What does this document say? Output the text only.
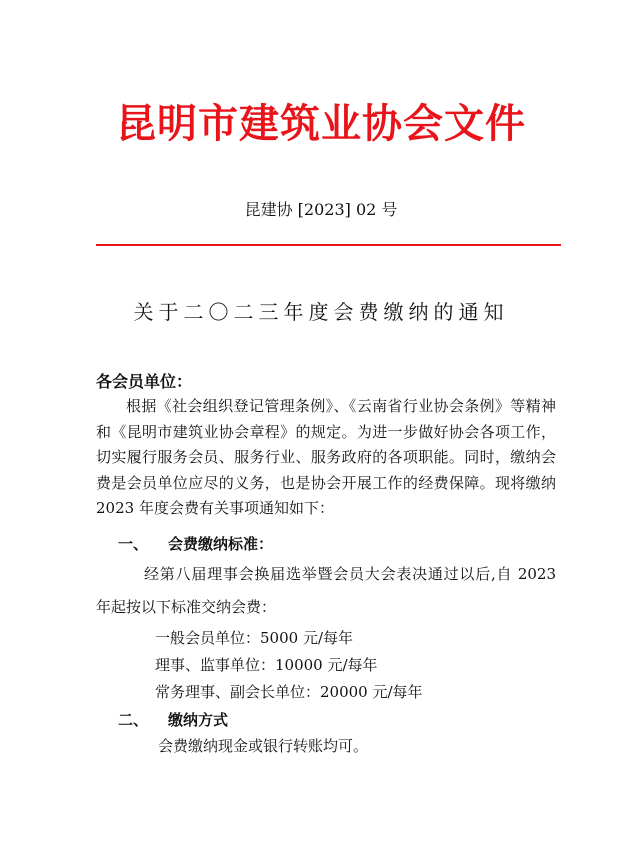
昆明市建筑业协会文件
昆建协 [2023] 02 号
关于二〇二三年度会费缴纳的通知
各会员单位：
根据《社会组织登记管理条例》、《云南省行业协会条例》等精神和《昆明市建筑业协会章程》的规定。为进一步做好协会各项工作，切实履行服务会员、服务行业、服务政府的各项职能。同时，缴纳会费是会员单位应尽的义务，也是协会开展工作的经费保障。现将缴纳 2023 年度会费有关事项通知如下：
一、 会费缴纳标准：
经第八届理事会换届选举暨会员大会表决通过以后,自 2023 年起按以下标准交纳会费：
一般会员单位：5000 元/每年
理事、监事单位：10000 元/每年
常务理事、副会长单位：20000 元/每年
二、 缴纳方式
会费缴纳现金或银行转账均可。
